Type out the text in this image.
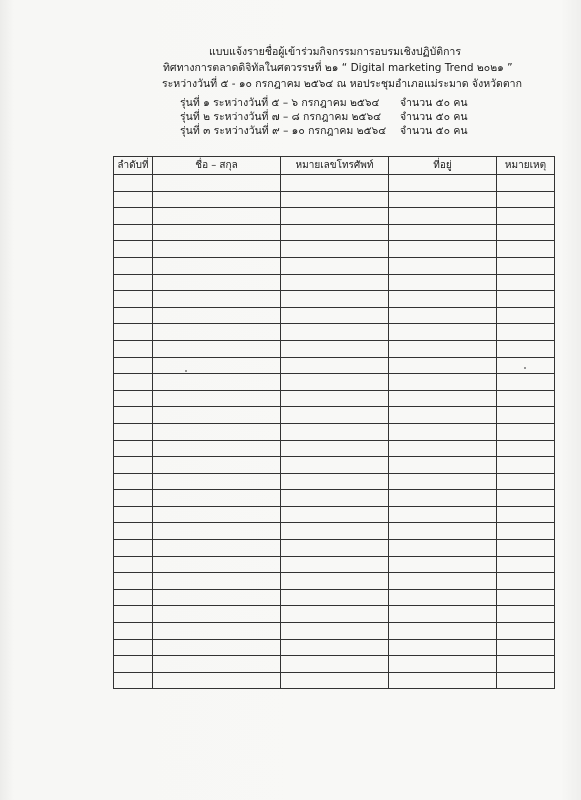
แบบแจ้งรายชื่อผู้เข้าร่วมกิจกรรมการอบรมเชิงปฏิบัติการ
ทิศทางการตลาดดิจิทัลในศตวรรษที่ ๒๑ “ Digital marketing Trend ๒๐๒๑ ”
ระหว่างวันที่ ๕ - ๑๐ กรกฎาคม ๒๕๖๔ ณ หอประชุมอำเภอแม่ระมาด จังหวัดตาก
รุ่นที่ ๑ ระหว่างวันที่ ๕ – ๖ กรกฎาคม ๒๕๖๔ จำนวน ๕๐ คน
รุ่นที่ ๒ ระหว่างวันที่ ๗ – ๘ กรกฎาคม ๒๕๖๔ จำนวน ๕๐ คน
รุ่นที่ ๓ ระหว่างวันที่ ๙ – ๑๐ กรกฎาคม ๒๕๖๔ จำนวน ๕๐ คน
ลำดับที่	ชื่อ – สกุล	หมายเลขโทรศัพท์	ที่อยู่	หมายเหตุ
